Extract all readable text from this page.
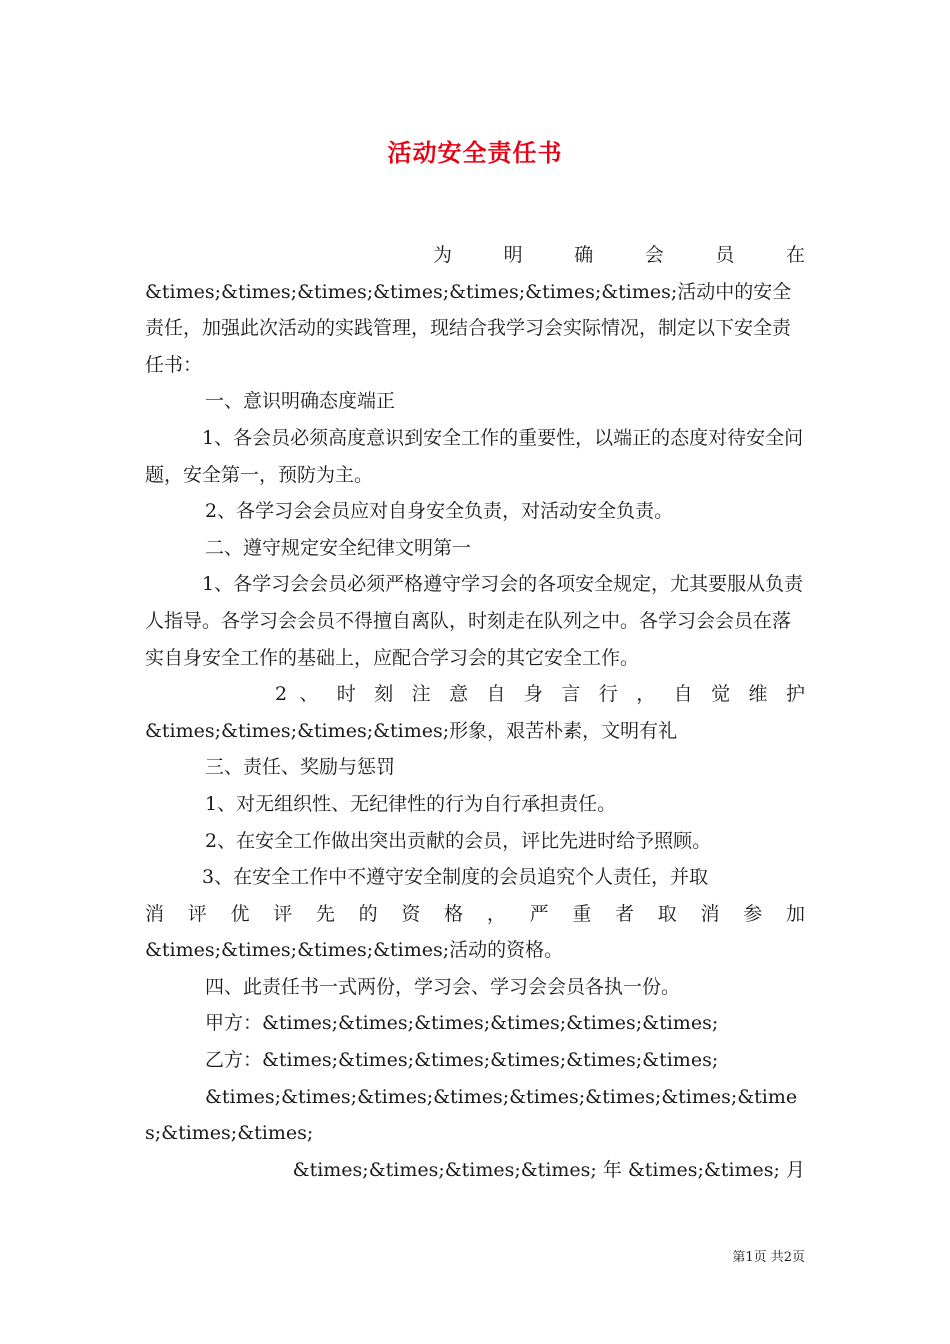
活动安全责任书

为 明 确 会 员 在

&times;&times;&times;&times;&times;&times;&times;活动中的安全责任，加强此次活动的实践管理，现结合我学习会实际情况，制定以下安全责任书：

一、意识明确态度端正

1、各会员必须高度意识到安全工作的重要性，以端正的态度对待安全问题，安全第一，预防为主。

2、各学习会会员应对自身安全负责，对活动安全负责。

二、遵守规定安全纪律文明第一

1、各学习会会员必须严格遵守学习会的各项安全规定，尤其要服从负责人指导。各学习会会员不得擅自离队，时刻走在队列之中。各学习会会员在落实自身安全工作的基础上，应配合学习会的其它安全工作。

2 、 时 刻 注 意 自 身 言 行 ， 自 觉 维 护

&times;&times;&times;&times;形象，艰苦朴素，文明有礼

三、责任、奖励与惩罚

1、对无组织性、无纪律性的行为自行承担责任。

2、在安全工作做出突出贡献的会员，评比先进时给予照顾。

3、在安全工作中不遵守安全制度的会员追究个人责任，并取

消 评 优 评 先 的 资 格 ， 严 重 者 取 消 参 加

&times;&times;&times;&times;活动的资格。

四、此责任书一式两份，学习会、学习会会员各执一份。

甲方：&times;&times;&times;&times;&times;&times;

乙方：&times;&times;&times;&times;&times;&times;

&times;&times;&times;&times;&times;&times;&times;&times;&times;&times;

&times;&times;&times;&times; 年 &times;&times; 月

第1页 共2页
